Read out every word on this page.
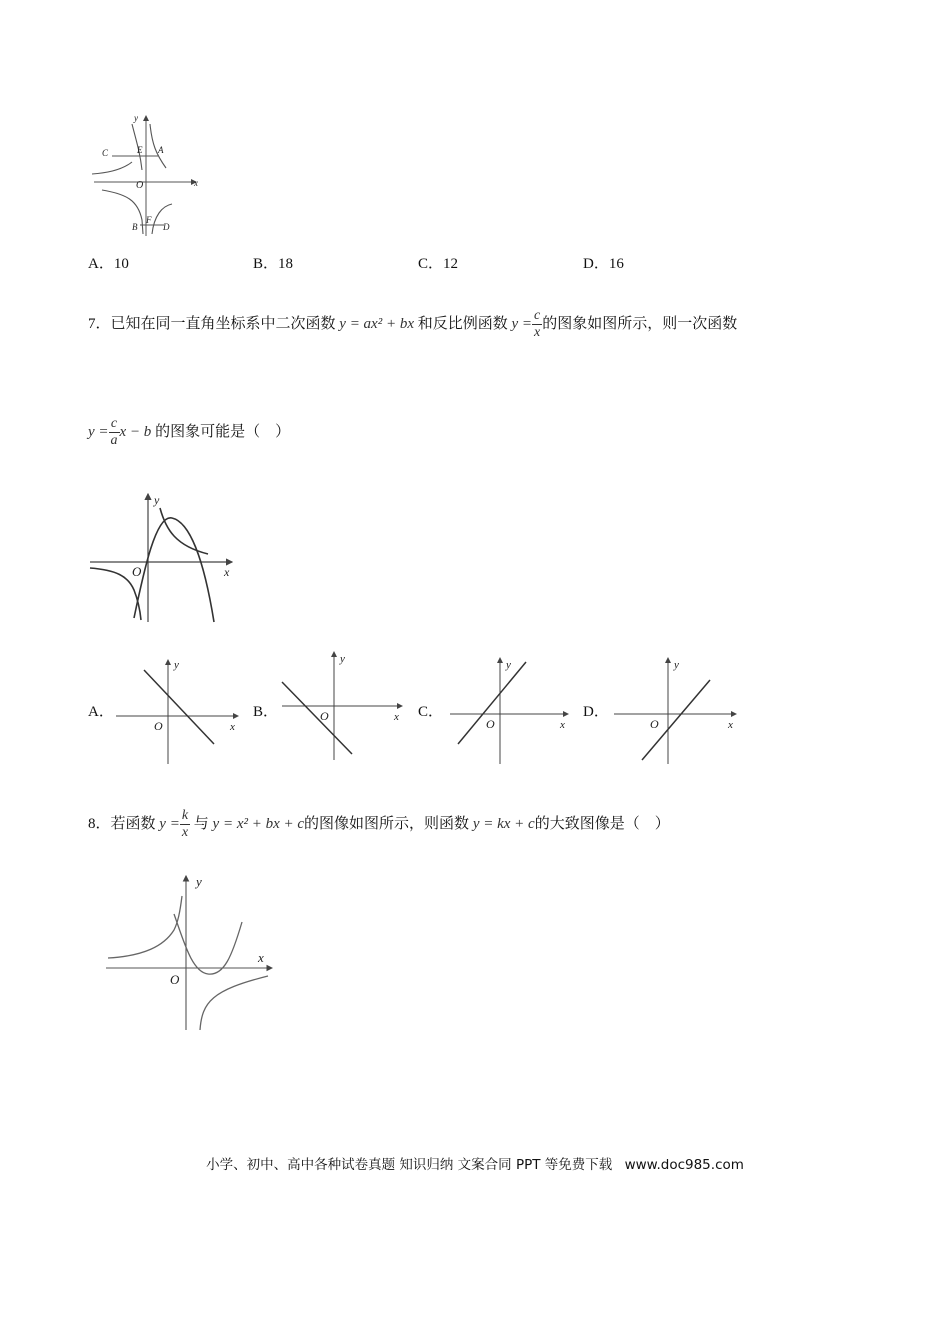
y
x
O
C	E A
B
F
D
A．10	B．18	C．12	D．16
7．已知在同一直角坐标系中二次函数 y = ax² + bx 和反比例函数 $y = \frac{c}{x}$ 的图象如图所示，则一次函数
$y = \frac{c}{a}$ x − b 的图象可能是（　）
y
x
O
A．
y
x
O
B．
y
x
O	C．
y
x
O
D．
y
x
O
8．若函数 $y = \frac{k}{x}$ 与 y = x² + bx + c的图像如图所示，则函数 y = kx + c的大致图像是（　）
y
x
O
小学、初中、高中各种试卷真题 知识归纳 文案合同 PPT 等免费下载 www.doc985.com
